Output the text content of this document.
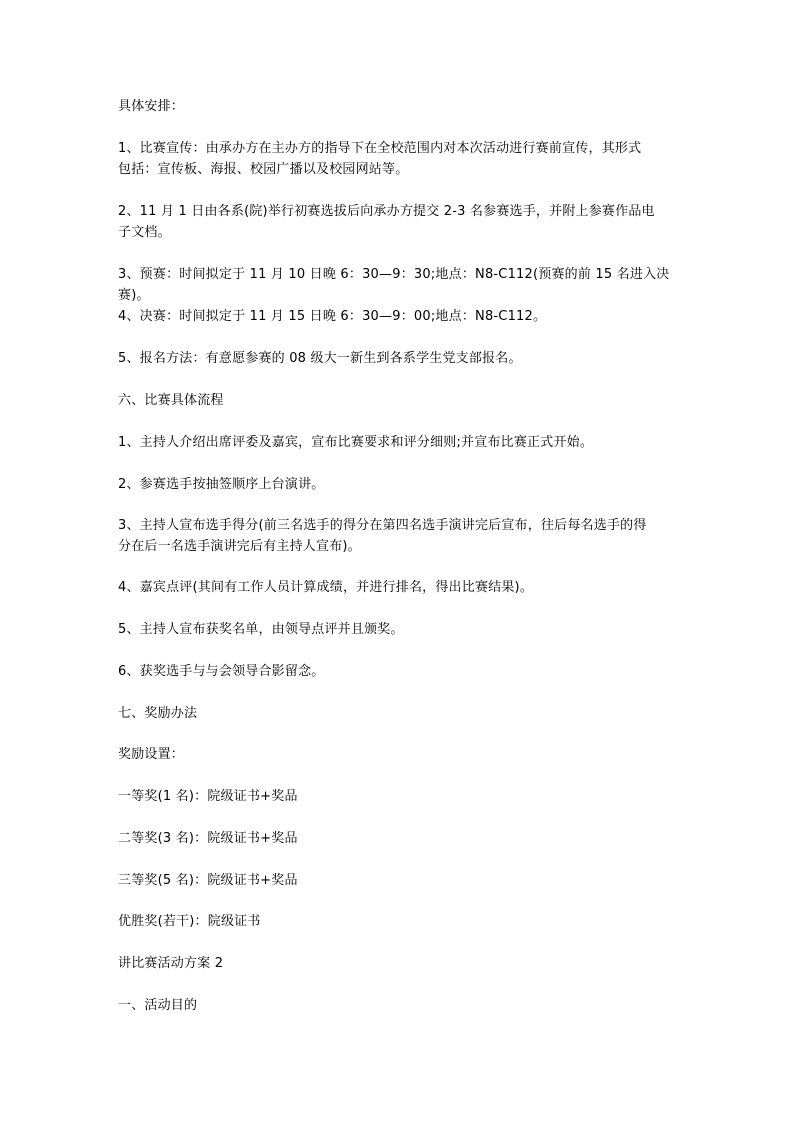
具体安排：
1、比赛宣传：由承办方在主办方的指导下在全校范围内对本次活动进行赛前宣传，其形式
包括：宣传板、海报、校园广播以及校园网站等。
2、11 月 1 日由各系(院)举行初赛选拔后向承办方提交 2-3 名参赛选手，并附上参赛作品电
子文档。
3、预赛：时间拟定于 11 月 10 日晚 6：30—9：30;地点：N8-C112(预赛的前 15 名进入决赛)。
4、决赛：时间拟定于 11 月 15 日晚 6：30—9：00;地点：N8-C112。
5、报名方法：有意愿参赛的 08 级大一新生到各系学生党支部报名。
六、比赛具体流程
1、主持人介绍出席评委及嘉宾，宣布比赛要求和评分细则;并宣布比赛正式开始。
2、参赛选手按抽签顺序上台演讲。
3、主持人宣布选手得分(前三名选手的得分在第四名选手演讲完后宣布，往后每名选手的得
分在后一名选手演讲完后有主持人宣布)。
4、嘉宾点评(其间有工作人员计算成绩，并进行排名，得出比赛结果)。
5、主持人宣布获奖名单，由领导点评并且颁奖。
6、获奖选手与与会领导合影留念。
七、奖励办法
奖励设置：
一等奖(1 名)：院级证书+奖品
二等奖(3 名)：院级证书+奖品
三等奖(5 名)：院级证书+奖品
优胜奖(若干)：院级证书
讲比赛活动方案 2
一、活动目的
